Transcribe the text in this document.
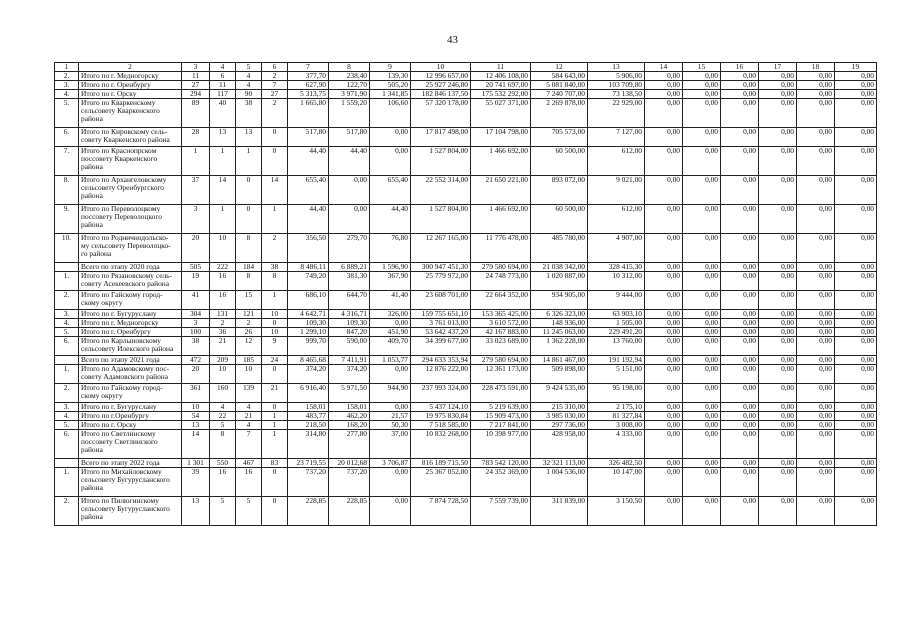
43
1	2	3	4	5	6	7	8	9	10	11	12	13	14	15	16	17	18	19
2.	Итого по г. Медногорску	11	6	4	2	377,70	238,40	139,30	12 996 657,00	12 406 108,00	584 643,00	5 906,00	0,00	0,00	0,00	0,00	0,00	0,00
3.	Итого по г. Оренбургу	27	11	4	7	627,90	122,70	505,20	25 927 246,80	20 741 697,00	5 081 840,00	103 709,80	0,00	0,00	0,00	0,00	0,00	0,00
4.	Итого по г. Орску	294	117	90	27	5 313,75	3 971,90	1 341,85	182 846 137,50	175 532 292,00	7 240 707,00	73 138,50	0,00	0,00	0,00	0,00	0,00	0,00
5.	Итого по Кваркенскому
сельсовету Кваркенского
района	89	40	38	2	1 665,80	1 559,20	106,60	57 320 178,00	55 027 371,00	2 269 878,00	22 929,00	0,00	0,00	0,00	0,00	0,00	0,00
6.	Итого по Кировскому сель-
совету Кваркенского района	28	13	13	0	517,80	517,80	0,00	17 817 498,00	17 104 798,00	705 573,00	7 127,00	0,00	0,00	0,00	0,00	0,00	0,00
7.	Итого по Краснопрском
поссовету Кваркенского
района	1	1	1	0	44,40	44,40	0,00	1 527 804,00	1 466 692,00	60 500,00	612,00	0,00	0,00	0,00	0,00	0,00	0,00
8.	Итого по Архангеловскому
сельсовету Оренбургского
района	37	14	0	14	655,40	0,00	655,40	22 552 314,00	21 650 221,00	893 072,00	9 021,00	0,00	0,00	0,00	0,00	0,00	0,00
9.	Итого по Переволоцкому
поссовету Переволоцкого
района	3	1	0	1	44,40	0,00	44,40	1 527 804,00	1 466 692,00	60 500,00	612,00	0,00	0,00	0,00	0,00	0,00	0,00
10.	Итого по Родничнодольско-
му сельсовету Переволоцко-
го района	20	10	8	2	356,50	279,70	76,80	12 267 165,00	11 776 478,00	485 780,00	4 907,00	0,00	0,00	0,00	0,00	0,00	0,00
	Всего по этапу 2020 года	505	222	184	38	8 486,11	6 889,21	1 596,90	300 947 451,30	279 580 694,00	21 038 342,00	328 415,30	0,00	0,00	0,00	0,00	0,00	0,00
1.	Итого по Рязановскому сель-
совету Асекеевского района	19	16	8	8	749,20	381,30	367,90	25 779 972,00	24 748 773,00	1 020 887,00	10 312,00	0,00	0,00	0,00	0,00	0,00	0,00
2.	Итого по Гайскому город-
скому округу	41	16	15	1	686,10	644,70	41,40	23 608 701,00	22 664 352,00	934 905,00	9 444,00	0,00	0,00	0,00	0,00	0,00	0,00
3.	Итого по г. Бугуруслану	304	131	121	10	4 642,71	4 316,71	326,00	159 755 651,10	153 365 425,00	6 326 323,00	63 903,10	0,00	0,00	0,00	0,00	0,00	0,00
4.	Итого по г. Медногорску	3	2	2	0	109,30	109,30	0,00	3 761 013,00	3 610 572,00	148 936,00	1 505,00	0,00	0,00	0,00	0,00	0,00	0,00
5.	Итого по г. Оренбургу	100	36	26	10	1 299,10	847,20	451,90	53 642 437,20	42 167 883,00	11 245 063,00	229 491,20	0,00	0,00	0,00	0,00	0,00	0,00
6.	Итого по Карлыновскому
сельсовету Илекского района	38	21	12	9	999,70	590,00	409,70	34 399 677,00	33 023 689,00	1 362 228,00	13 760,00	0,00	0,00	0,00	0,00	0,00	0,00
	Всего по этапу 2021 года	472	209	185	24	8 465,68	7 411,91	1 053,77	294 633 353,94	279 580 694,00	14 861 467,00	191 192,94	0,00	0,00	0,00	0,00	0,00	0,00
1.	Итого по Адамовскому пос-
совету Адамовского района	20	10	10	0	374,20	374,20	0,00	12 876 222,00	12 361 173,00	509 898,00	5 151,00	0,00	0,00	0,00	0,00	0,00	0,00
2.	Итого по Гайскому город-
скому округу	361	160	139	21	6 916,40	5 971,50	944,90	237 993 324,00	228 473 591,00	9 424 535,00	95 198,00	0,00	0,00	0,00	0,00	0,00	0,00
3.	Итого по г. Бугуруслану	10	4	4	0	158,01	158,01	0,00	5 437 124,10	5 219 639,00	215 310,00	2 175,10	0,00	0,00	0,00	0,00	0,00	0,00
4.	Итого по г.Оренбургу	54	22	21	1	483,77	462,20	21,57	19 975 830,84	15 909 473,00	3 985 030,00	81 327,84	0,00	0,00	0,00	0,00	0,00	0,00
5.	Итого по г. Орску	13	5	4	1	218,50	168,20	50,30	7 518 585,00	7 217 841,00	297 736,00	3 008,00	0,00	0,00	0,00	0,00	0,00	0,00
6.	Итого по Светлинскому
поссовету Светлинского
района	14	8	7	1	314,80	277,80	37,00	10 832 268,00	10 398 977,00	428 958,00	4 333,00	0,00	0,00	0,00	0,00	0,00	0,00
	Всего по этапу 2022 года	1 301	550	467	83	23 719,55	20 012,68	3 706,87	816 189 715,50	783 542 120,00	32 321 113,00	326 482,50	0,00	0,00	0,00	0,00	0,00	0,00
1.	Итого по Михайловскому
сельсовету Бугурусланского
района	39	16	16	0	737,20	737,20	0,00	25 367 052,00	24 352 369,00	1 004 536,00	10 147,00	0,00	0,00	0,00	0,00	0,00	0,00
2.	Итого по Пилюгинскому
сельсовету Бугурусланского
района	13	5	5	0	228,85	228,85	0,00	7 874 728,50	7 559 739,00	311 839,00	3 150,50	0,00	0,00	0,00	0,00	0,00	0,00
